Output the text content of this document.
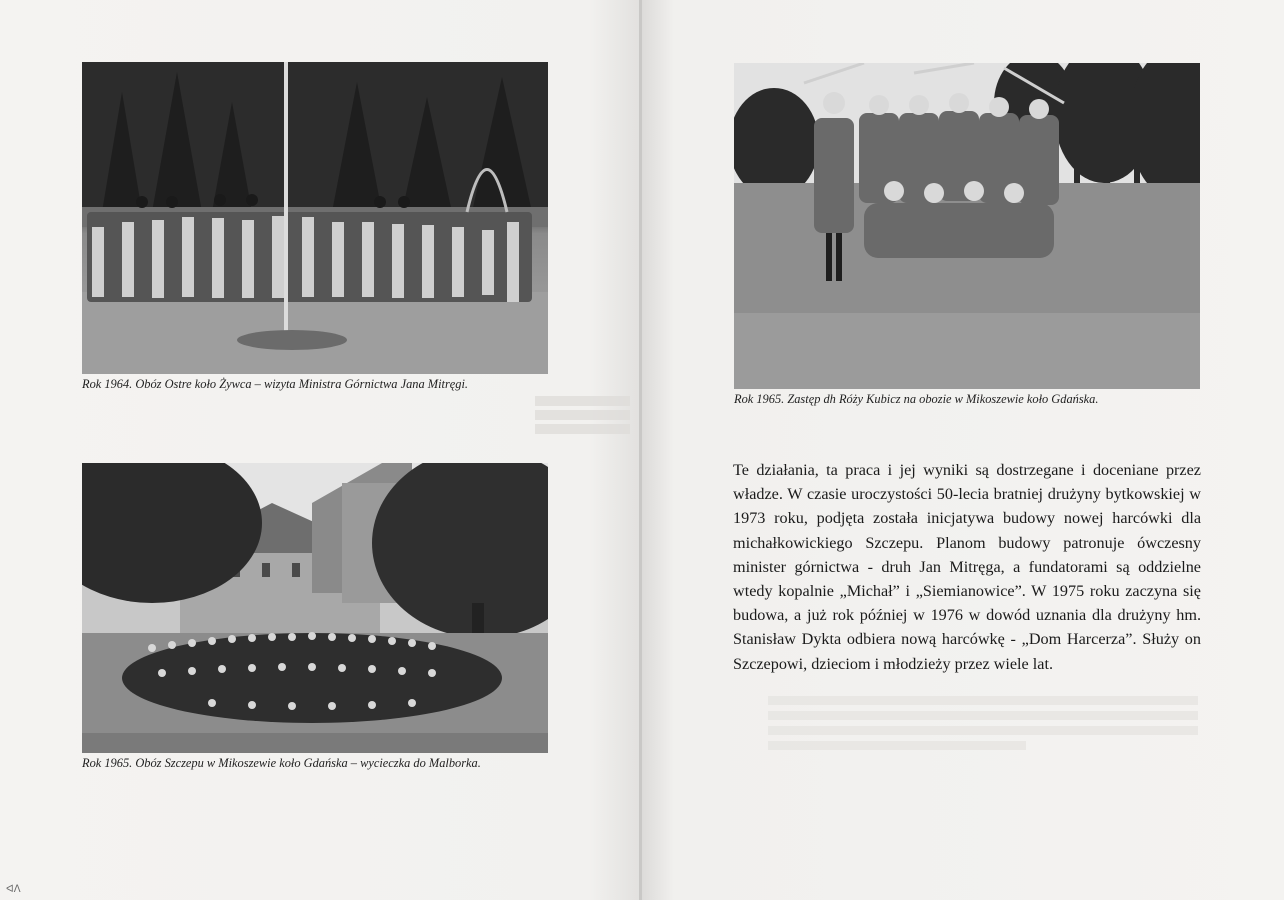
Rok 1964. Obóz Ostre koło Żywca – wizyta Ministra Górnictwa Jana Mitręgi.
Rok 1965. Obóz Szczepu w Mikoszewie koło Gdańska – wycieczka do Malborka.
ᐊᐱ
Rok 1965. Zastęp dh Róży Kubicz na obozie w Mikoszewie koło Gdańska.

Te działania, ta praca i jej wyniki są dostrzegane i doceniane przez władze. W czasie uroczystości 50-lecia bratniej drużyny bytkowskiej w 1973 roku, podjęta została inicjatywa budowy nowej harcówki dla michałkowickiego Szczepu. Planom budowy patronuje ówczesny minister górnictwa - druh Jan Mitręga, a fundatorami są oddzielne wtedy kopalnie „Michał” i „Siemianowice”. W 1975 roku zaczyna się budowa, a już rok później w 1976 w dowód uznania dla drużyny hm. Stanisław Dykta odbiera nową harcówkę - „Dom Harcerza”. Służy on Szczepowi, dzieciom i młodzieży przez wiele lat.
